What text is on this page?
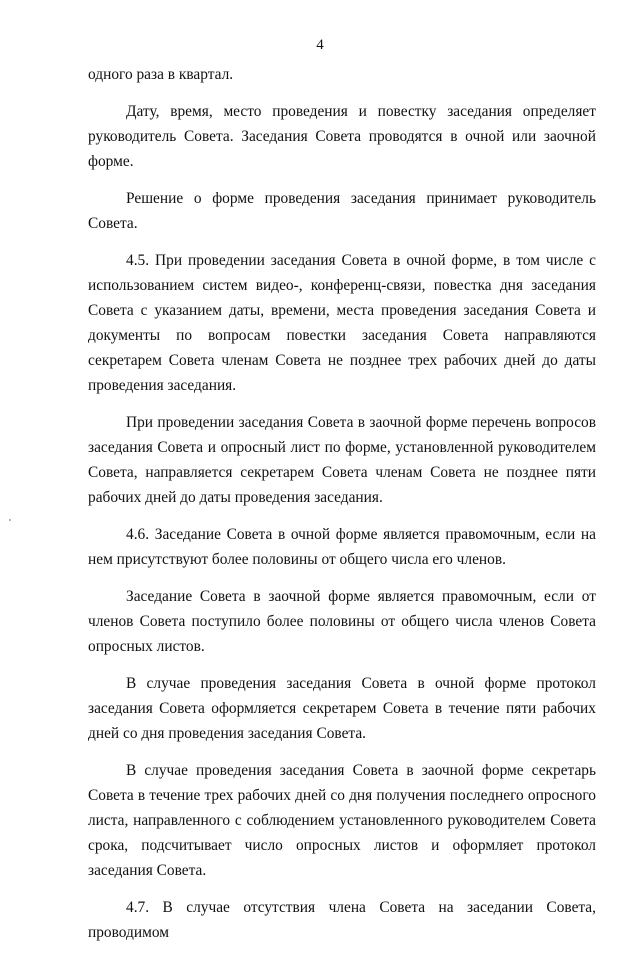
4

одного раза в квартал.

Дату, время, место проведения и повестку заседания определяет руководитель Совета. Заседания Совета проводятся в очной или заочной форме.

Решение о форме проведения заседания принимает руководитель Совета.

4.5. При проведении заседания Совета в очной форме, в том числе с использованием систем видео-, конференц-связи, повестка дня заседания Совета с указанием даты, времени, места проведения заседания Совета и документы по вопросам повестки заседания Совета направляются секретарем Совета членам Совета не позднее трех рабочих дней до даты проведения заседания.

При проведении заседания Совета в заочной форме перечень вопросов заседания Совета и опросный лист по форме, установленной руководителем Совета, направляется секретарем Совета членам Совета не позднее пяти рабочих дней до даты проведения заседания.

4.6. Заседание Совета в очной форме является правомочным, если на нем присутствуют более половины от общего числа его членов.

Заседание Совета в заочной форме является правомочным, если от членов Совета поступило более половины от общего числа членов Совета опросных листов.

В случае проведения заседания Совета в очной форме протокол заседания Совета оформляется секретарем Совета в течение пяти рабочих дней со дня проведения заседания Совета.

В случае проведения заседания Совета в заочной форме секретарь Совета в течение трех рабочих дней со дня получения последнего опросного листа, направленного с соблюдением установленного руководителем Совета срока, подсчитывает число опросных листов и оформляет протокол заседания Совета.

4.7. В случае отсутствия члена Совета на заседании Совета, проводимом
